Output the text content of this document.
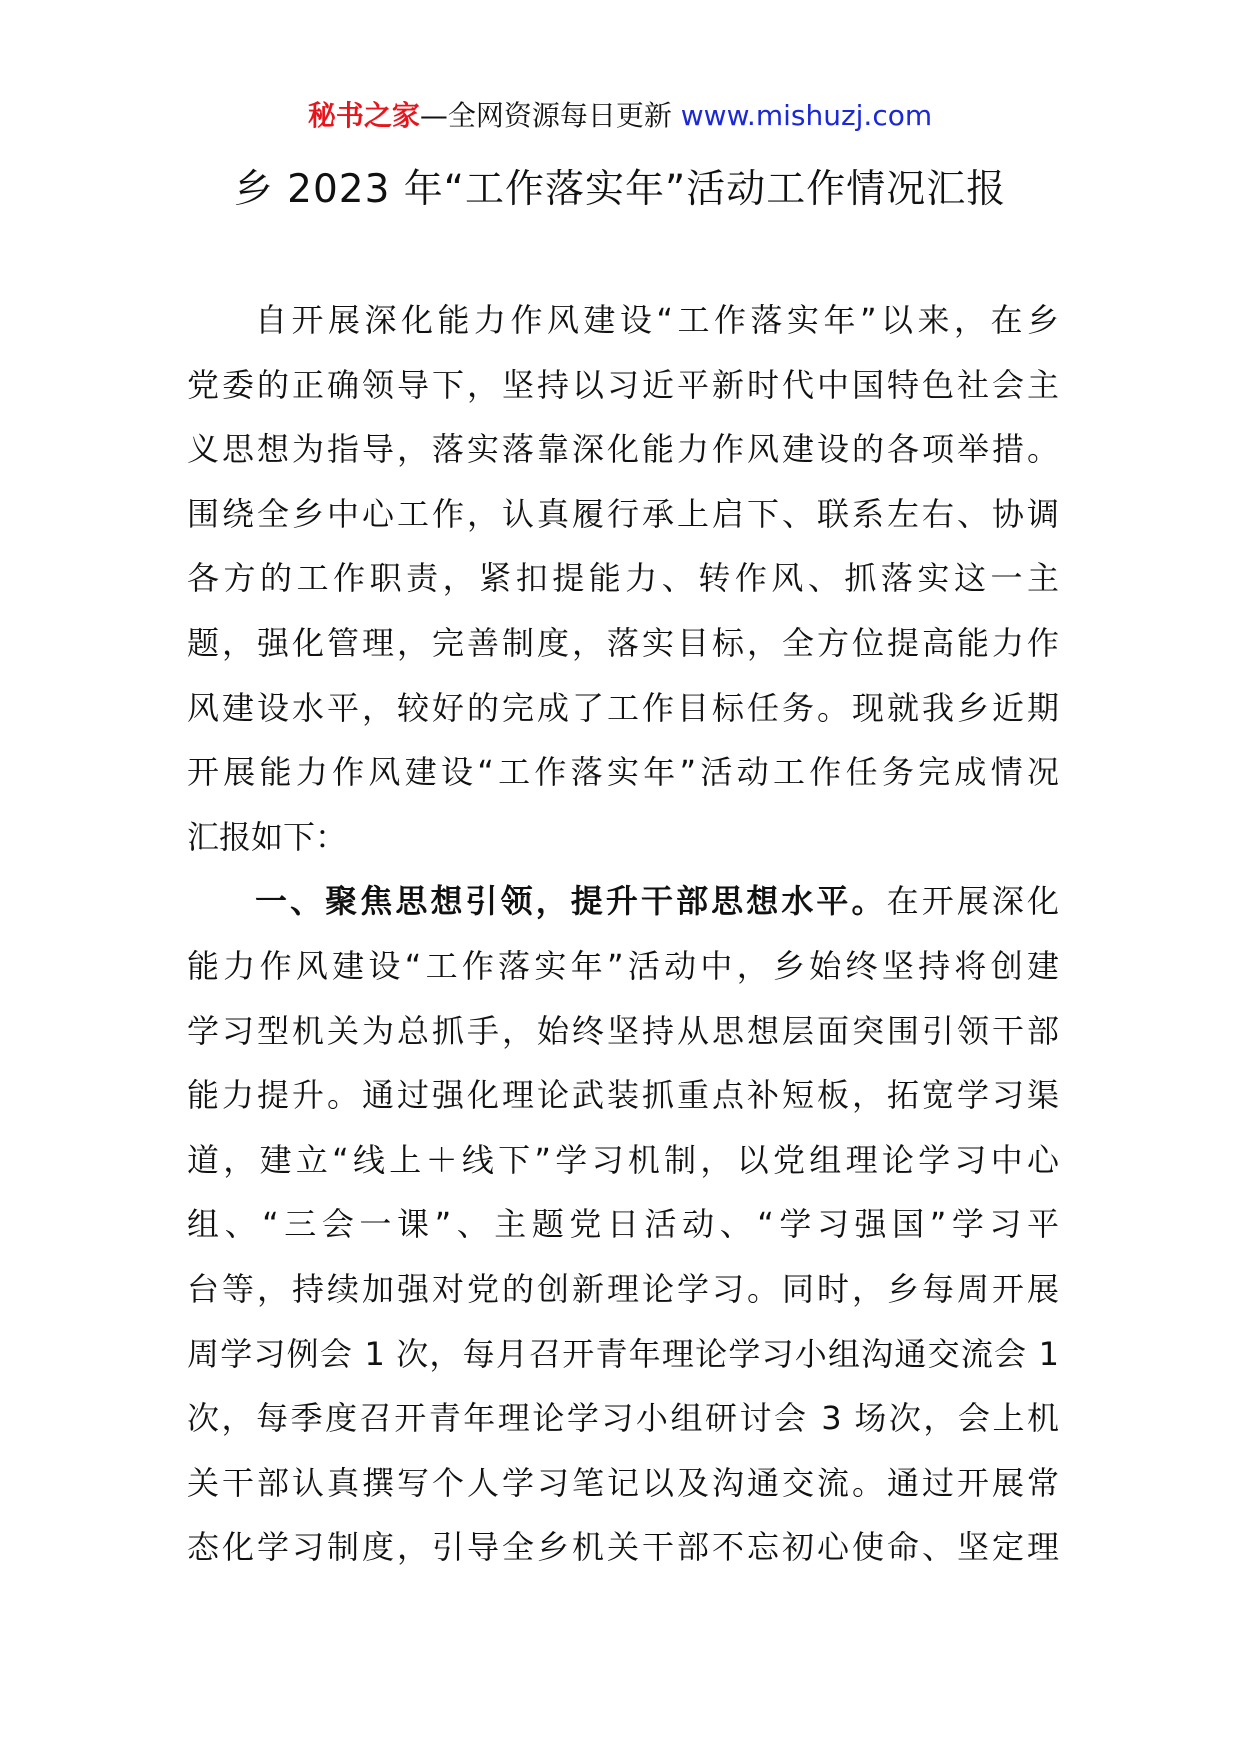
秘书之家—全网资源每日更新 www.mishuzj.com
乡 2023 年“工作落实年”活动工作情况汇报
自开展深化能力作风建设“工作落实年”以来，在乡
党委的正确领导下，坚持以习近平新时代中国特色社会主
义思想为指导，落实落靠深化能力作风建设的各项举措。
围绕全乡中心工作，认真履行承上启下、联系左右、协调
各方的工作职责，紧扣提能力、转作风、抓落实这一主
题，强化管理，完善制度，落实目标，全方位提高能力作
风建设水平，较好的完成了工作目标任务。现就我乡近期
开展能力作风建设“工作落实年”活动工作任务完成情况
汇报如下：
一、聚焦思想引领，提升干部思想水平。在开展深化
能力作风建设“工作落实年”活动中，乡始终坚持将创建
学习型机关为总抓手，始终坚持从思想层面突围引领干部
能力提升。通过强化理论武装抓重点补短板，拓宽学习渠
道，建立“线上＋线下”学习机制，以党组理论学习中心
组、“三会一课”、主题党日活动、“学习强国”学习平
台等，持续加强对党的创新理论学习。同时，乡每周开展
周学习例会 1 次，每月召开青年理论学习小组沟通交流会 1
次，每季度召开青年理论学习小组研讨会 3 场次，会上机
关干部认真撰写个人学习笔记以及沟通交流。通过开展常
态化学习制度，引导全乡机关干部不忘初心使命、坚定理
